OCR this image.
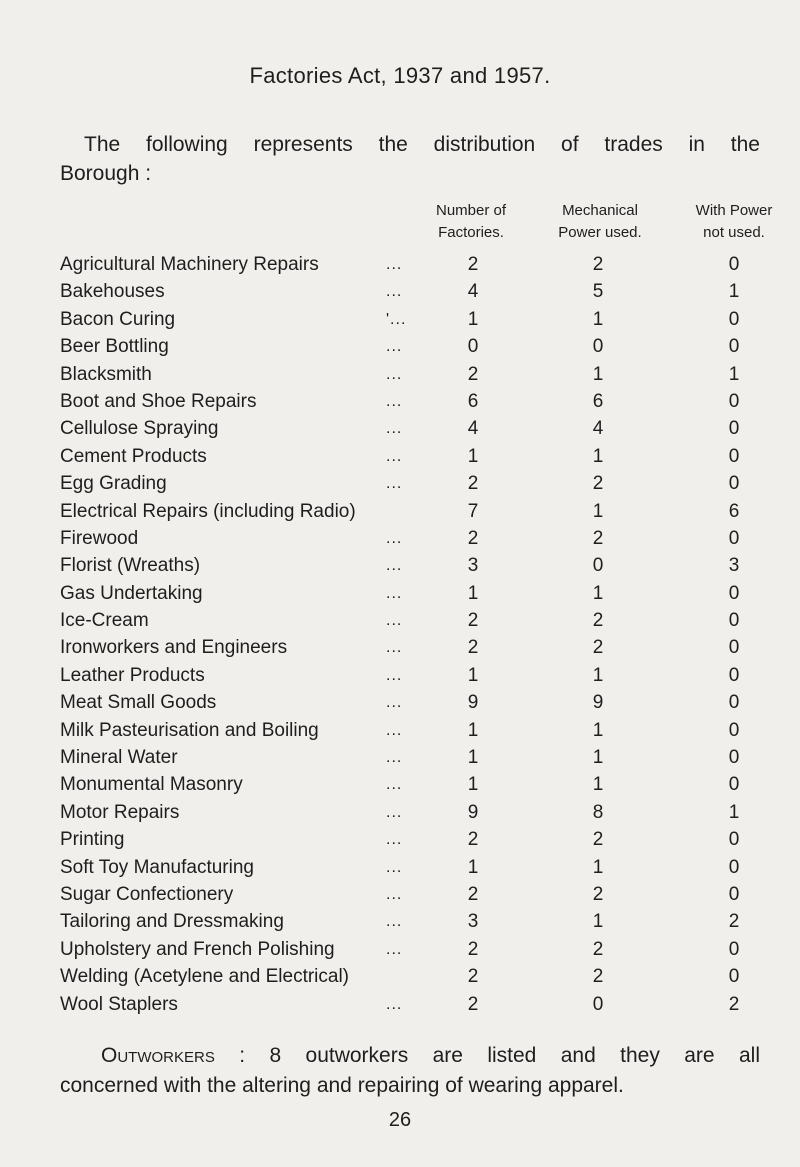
Factories Act, 1937 and 1957.
The following represents the distribution of trades in the
Borough :
Number of
Factories.
Mechanical
Power used.
With Power
not used.
Agricultural Machinery Repairs	...	2	2	0
Bakehouses	...	4	5	1
Bacon Curing	'...	1	1	0
Beer Bottling	...	0	0	0
Blacksmith	...	2	1	1
Boot and Shoe Repairs	...	6	6	0
Cellulose Spraying	...	4	4	0
Cement Products	...	1	1	0
Egg Grading	...	2	2	0
Electrical Repairs (including Radio)	7	1	6
Firewood	...	2	2	0
Florist (Wreaths)	...	3	0	3
Gas Undertaking	...	1	1	0
Ice-Cream	...	2	2	0
Ironworkers and Engineers	...	2	2	0
Leather Products	...	1	1	0
Meat Small Goods	...	9	9	0
Milk Pasteurisation and Boiling	...	1	1	0
Mineral Water	...	1	1	0
Monumental Masonry	...	1	1	0
Motor Repairs	...	9	8	1
Printing	...	2	2	0
Soft Toy Manufacturing	...	1	1	0
Sugar Confectionery	...	2	2	0
Tailoring and Dressmaking	...	3	1	2
Upholstery and French Polishing	...	2	2	0
Welding (Acetylene and Electrical)	2	2	0
Wool Staplers	...	2	0	2
Outworkers : 8 outworkers are listed and they are all
concerned with the altering and repairing of wearing apparel.
26
